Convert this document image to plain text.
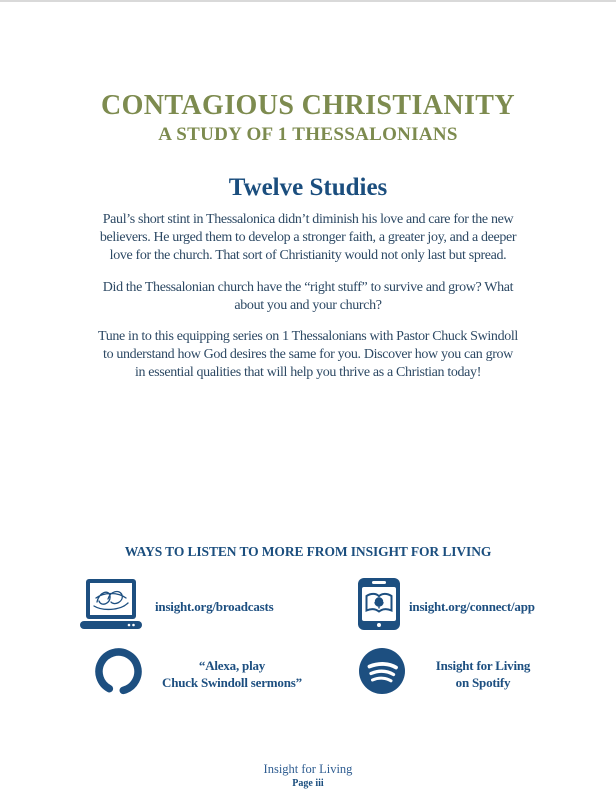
CONTAGIOUS CHRISTIANITY
A STUDY OF 1 THESSALONIANS
Twelve Studies
Paul’s short stint in Thessalonica didn’t diminish his love and care for the new
believers. He urged them to develop a stronger faith, a greater joy, and a deeper
love for the church. That sort of Christianity would not only last but spread.
Did the Thessalonian church have the “right stuff” to survive and grow? What
about you and your church?
Tune in to this equipping series on 1 Thessalonians with Pastor Chuck Swindoll
to understand how God desires the same for you. Discover how you can grow
in essential qualities that will help you thrive as a Christian today!
WAYS TO LISTEN TO MORE FROM INSIGHT FOR LIVING
insight.org/broadcasts	insight.org/connect/app
“Alexa, play
Chuck Swindoll sermons”
Insight for Living
on Spotify
Insight for Living
Page iii
